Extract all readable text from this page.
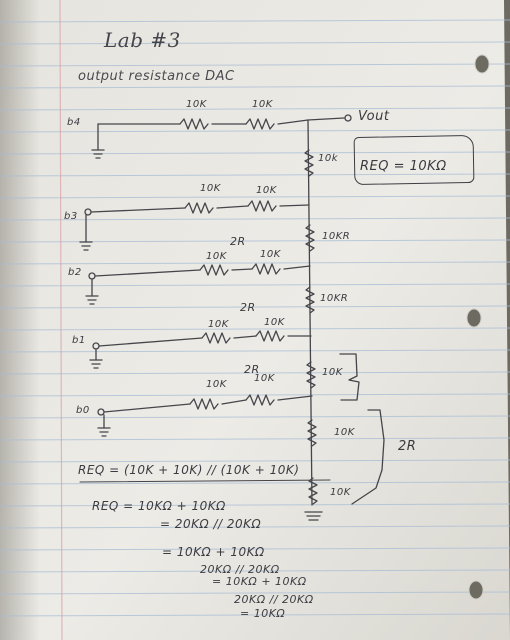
Lab #3
output resistance DAC
Vout
b4
b3
b2
b1
b0
10K	10K
10K	10K
10K	10K
10K	10K
10K
10K
10k
10KR
10KR
10K
2R
2R
2R
2R
10K
10K
REQ = 10KΩ
REQ = (10K + 10K) // (10K + 10K)
REQ = 10KΩ + 10KΩ
= 20KΩ // 20KΩ
= 10KΩ + 10KΩ
20KΩ // 20KΩ
= 10KΩ + 10KΩ
20KΩ // 20KΩ
= 10KΩ
